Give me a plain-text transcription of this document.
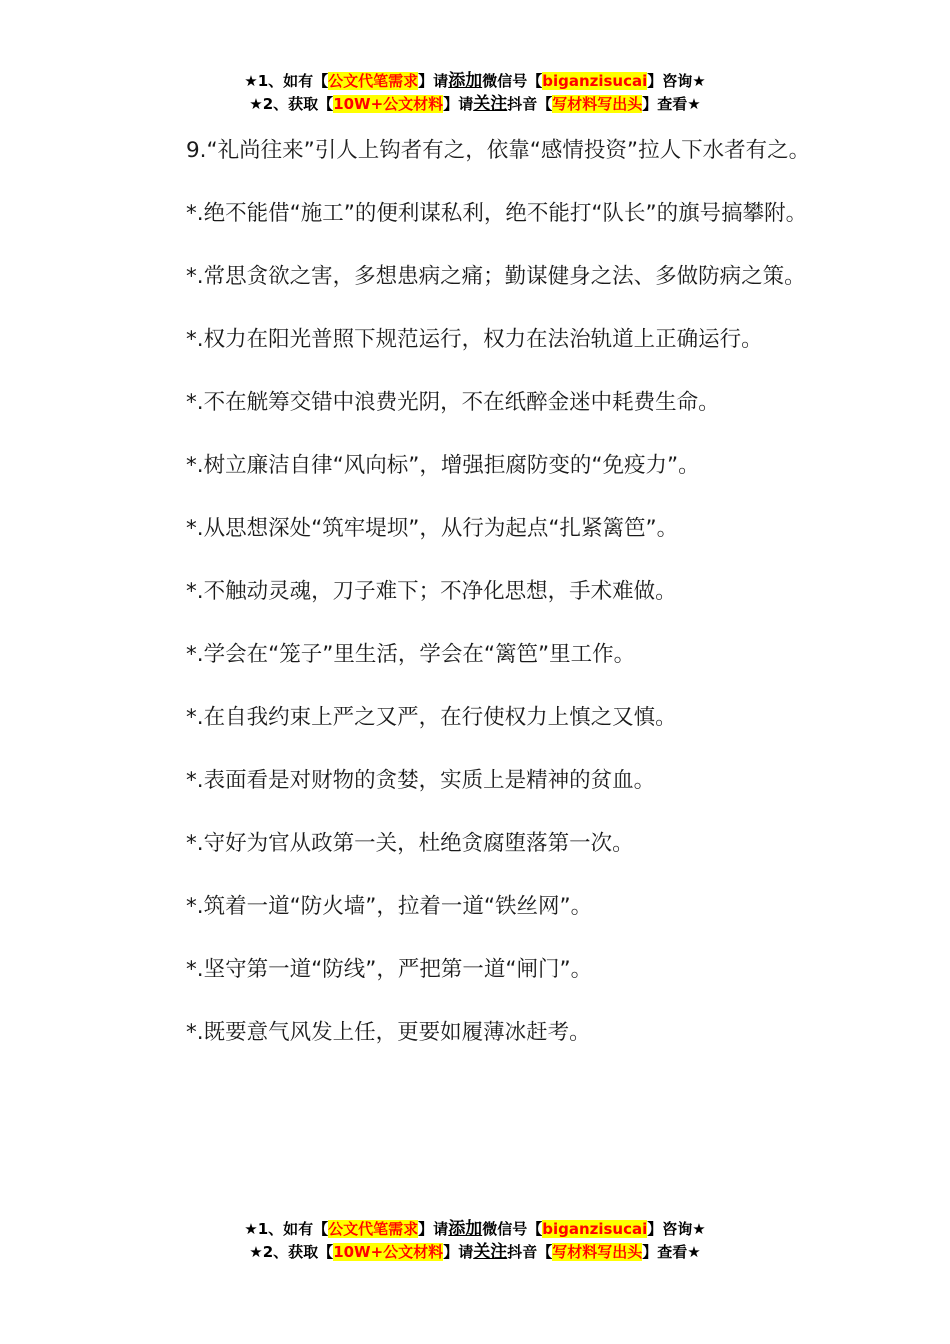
★1、如有【公文代笔需求】请添加微信号【biganzisucai】咨询★
★2、获取【10W+公文材料】请关注抖音【写材料写出头】查看★

9.“礼尚往来”引人上钩者有之，依靠“感情投资”拉人下水者有之。

*.绝不能借“施工”的便利谋私利，绝不能打“队长”的旗号搞攀附。

*.常思贪欲之害，多想患病之痛；勤谋健身之法、多做防病之策。

*.权力在阳光普照下规范运行，权力在法治轨道上正确运行。

*.不在觥筹交错中浪费光阴，不在纸醉金迷中耗费生命。

*.树立廉洁自律“风向标”，增强拒腐防变的“免疫力”。

*.从思想深处“筑牢堤坝”，从行为起点“扎紧篱笆”。

*.不触动灵魂，刀子难下；不净化思想，手术难做。

*.学会在“笼子”里生活，学会在“篱笆”里工作。

*.在自我约束上严之又严，在行使权力上慎之又慎。

*.表面看是对财物的贪婪，实质上是精神的贫血。

*.守好为官从政第一关，杜绝贪腐堕落第一次。

*.筑着一道“防火墙”，拉着一道“铁丝网”。

*.坚守第一道“防线”，严把第一道“闸门”。

*.既要意气风发上任，更要如履薄冰赶考。

★1、如有【公文代笔需求】请添加微信号【biganzisucai】咨询★
★2、获取【10W+公文材料】请关注抖音【写材料写出头】查看★
